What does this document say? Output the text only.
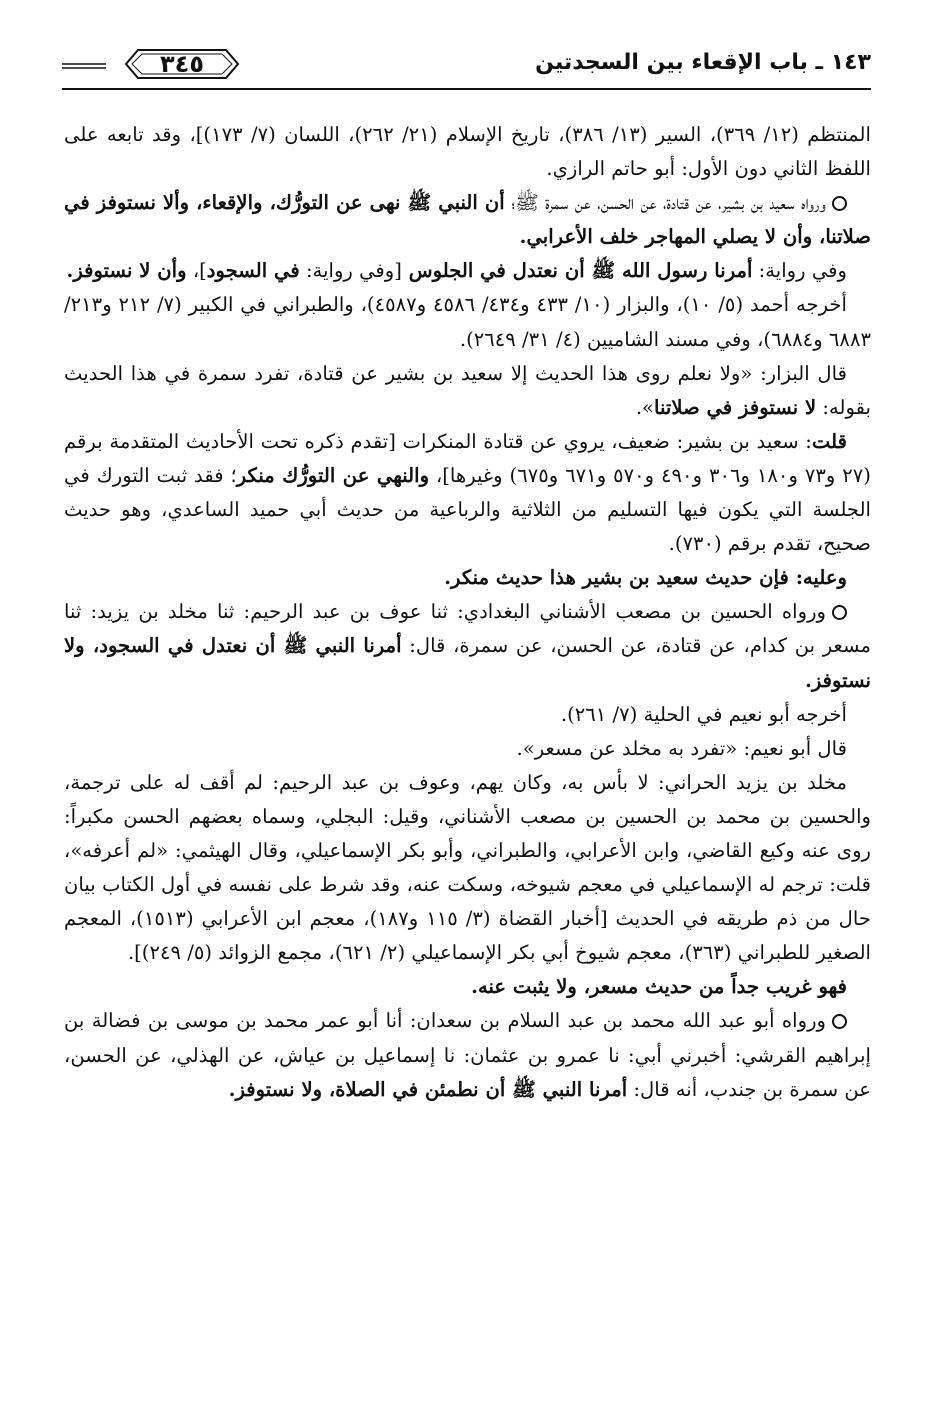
١٤٣ ـ باب الإقعاء بين السجدتين
٣٤٥

المنتظم (١٢/ ٣٦٩)، السير (١٣/ ٣٨٦)، تاريخ الإسلام (٢١/ ٢٦٢)، اللسان (٧/ ١٧٣)]، وقد تابعه على اللفظ الثاني دون الأول: أبو حاتم الرازي.

ورواه سعيد بن بشير، عن قتادة، عن الحسن، عن سمرة ﷺ؛ أن النبي ﷺ نهى عن التورُّك، والإقعاء، وألا نستوفز في صلاتنا، وأن لا يصلي المهاجر خلف الأعرابي.

وفي رواية: أمرنا رسول الله ﷺ أن نعتدل في الجلوس [وفي رواية: في السجود]، وأن لا نستوفز.

أخرجه أحمد (٥/ ١٠)، والبزار (١٠/ ٤٣٣ و٤٣٤/ ٤٥٨٦ و٤٥٨٧)، والطبراني في الكبير (٧/ ٢١٢ و٢١٣/ ٦٨٨٣ و٦٨٨٤)، وفي مسند الشاميين (٤/ ٣١/ ٢٦٤٩).

قال البزار: «ولا نعلم روى هذا الحديث إلا سعيد بن بشير عن قتادة، تفرد سمرة في هذا الحديث بقوله: لا نستوفز في صلاتنا».

قلت: سعيد بن بشير: ضعيف، يروي عن قتادة المنكرات [تقدم ذكره تحت الأحاديث المتقدمة برقم (٢٧ و٧٣ و١٨٠ و٣٠٦ و٤٩٠ و٥٧٠ و٦٧١ و٦٧٥) وغيرها]، والنهي عن التورُّك منكر؛ فقد ثبت التورك في الجلسة التي يكون فيها التسليم من الثلاثية والرباعية من حديث أبي حميد الساعدي، وهو حديث صحيح، تقدم برقم (٧٣٠).

وعليه: فإن حديث سعيد بن بشير هذا حديث منكر.

ورواه الحسين بن مصعب الأشناني البغدادي: ثنا عوف بن عبد الرحيم: ثنا مخلد بن يزيد: ثنا مسعر بن كدام، عن قتادة، عن الحسن، عن سمرة، قال: أمرنا النبي ﷺ أن نعتدل في السجود، ولا نستوفز.

أخرجه أبو نعيم في الحلية (٧/ ٢٦١).

قال أبو نعيم: «تفرد به مخلد عن مسعر».

مخلد بن يزيد الحراني: لا بأس به، وكان يهم، وعوف بن عبد الرحيم: لم أقف له على ترجمة، والحسين بن محمد بن الحسين بن مصعب الأشناني، وقيل: البجلي، وسماه بعضهم الحسن مكبراً: روى عنه وكيع القاضي، وابن الأعرابي، والطبراني، وأبو بكر الإسماعيلي، وقال الهيثمي: «لم أعرفه»، قلت: ترجم له الإسماعيلي في معجم شيوخه، وسكت عنه، وقد شرط على نفسه في أول الكتاب بيان حال من ذم طريقه في الحديث [أخبار القضاة (٣/ ١١٥ و١٨٧)، معجم ابن الأعرابي (١٥١٣)، المعجم الصغير للطبراني (٣٦٣)، معجم شيوخ أبي بكر الإسماعيلي (٢/ ٦٢١)، مجمع الزوائد (٥/ ٢٤٩)].

فهو غريب جداً من حديث مسعر، ولا يثبت عنه.

ورواه أبو عبد الله محمد بن عبد السلام بن سعدان: أنا أبو عمر محمد بن موسى بن فضالة بن إبراهيم القرشي: أخبرني أبي: نا عمرو بن عثمان: نا إسماعيل بن عياش، عن الهذلي، عن الحسن، عن سمرة بن جندب، أنه قال: أمرنا النبي ﷺ أن نطمئن في الصلاة، ولا نستوفز.
